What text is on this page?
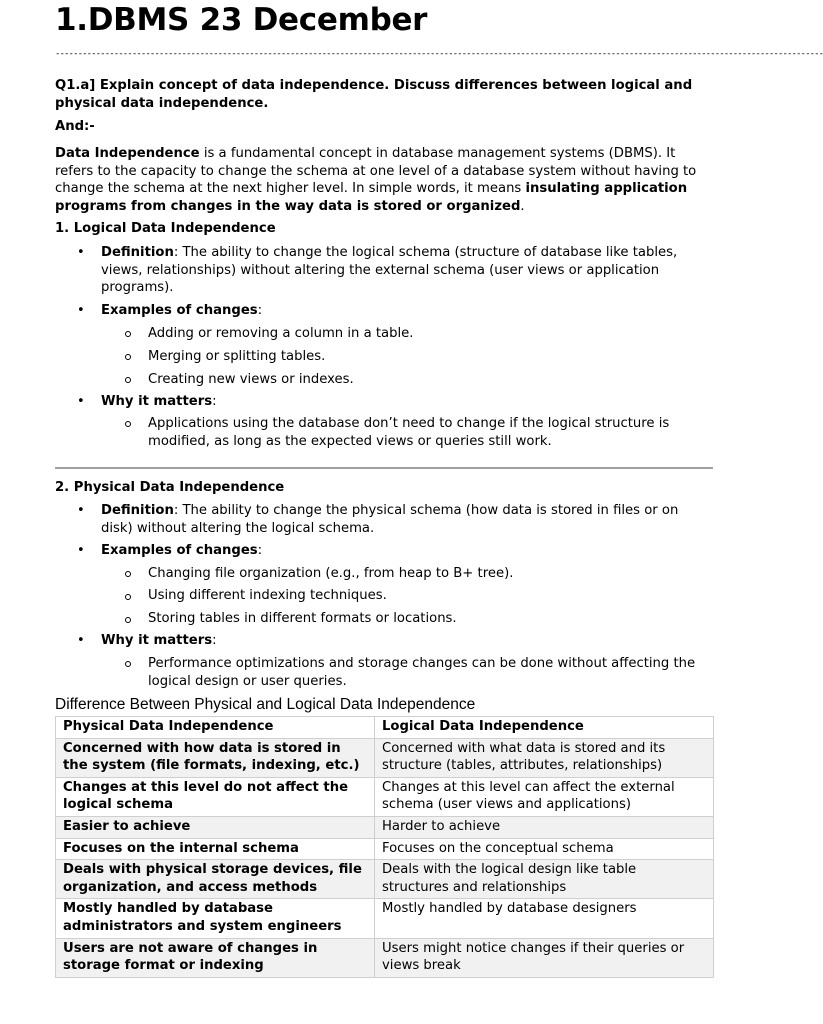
1.DBMS 23 December
--------------------------------------------------------------------------------------------------------------------------------------------------------------------------
Q1.a] Explain concept of data independence. Discuss differences between logical and physical data independence.
And:-
Data Independence is a fundamental concept in database management systems (DBMS). It refers to the capacity to change the schema at one level of a database system without having to change the schema at the next higher level. In simple words, it means insulating application programs from changes in the way data is stored or organized.
1. Logical Data Independence
• Definition: The ability to change the logical schema (structure of database like tables, views, relationships) without altering the external schema (user views or application programs).
• Examples of changes:
Adding or removing a column in a table.
Merging or splitting tables.
Creating new views or indexes.
• Why it matters:
Applications using the database don’t need to change if the logical structure is modified, as long as the expected views or queries still work.
2. Physical Data Independence
• Definition: The ability to change the physical schema (how data is stored in files or on disk) without altering the logical schema.
• Examples of changes:
Changing file organization (e.g., from heap to B+ tree).
Using different indexing techniques.
Storing tables in different formats or locations.
• Why it matters:
Performance optimizations and storage changes can be done without affecting the logical design or user queries.
Difference Between Physical and Logical Data Independence
Physical Data Independence	Logical Data Independence
Concerned with how data is stored in the system (file formats, indexing, etc.)	Concerned with what data is stored and its structure (tables, attributes, relationships)
Changes at this level do not affect the logical schema	Changes at this level can affect the external schema (user views and applications)
Easier to achieve	Harder to achieve
Focuses on the internal schema	Focuses on the conceptual schema
Deals with physical storage devices, file organization, and access methods	Deals with the logical design like table structures and relationships
Mostly handled by database administrators and system engineers	Mostly handled by database designers
Users are not aware of changes in storage format or indexing	Users might notice changes if their queries or views break
